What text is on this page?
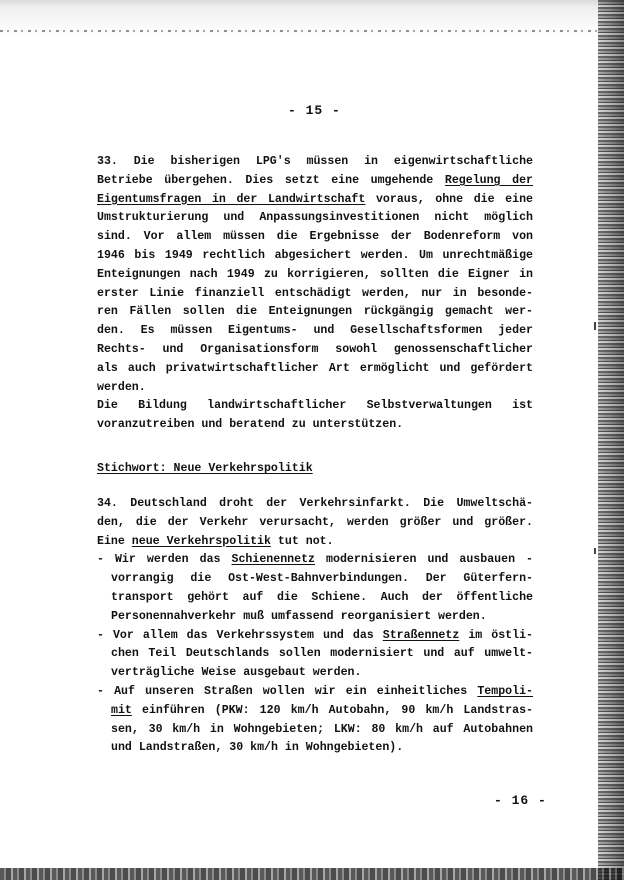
- 15 -
33. Die bisherigen LPG's müssen in eigenwirtschaftliche
Betriebe übergehen. Dies setzt eine umgehende Regelung der
Eigentumsfragen in der Landwirtschaft voraus, ohne die eine
Umstrukturierung und Anpassungsinvestitionen nicht möglich
sind. Vor allem müssen die Ergebnisse der Bodenreform von
1946 bis 1949 rechtlich abgesichert werden. Um unrechtmäßige
Enteignungen nach 1949 zu korrigieren, sollten die Eigner in
erster Linie finanziell entschädigt werden, nur in besonde-
ren Fällen sollen die Enteignungen rückgängig gemacht wer-
den. Es müssen Eigentums- und Gesellschaftsformen jeder
Rechts- und Organisationsform sowohl genossenschaftlicher
als auch privatwirtschaftlicher Art ermöglicht und gefördert
werden.
Die Bildung landwirtschaftlicher Selbstverwaltungen ist
voranzutreiben und beratend zu unterstützen.
Stichwort: Neue Verkehrspolitik
34. Deutschland droht der Verkehrsinfarkt. Die Umweltschä-
den, die der Verkehr verursacht, werden größer und größer.
Eine neue Verkehrspolitik tut not.
- Wir werden das Schienennetz modernisieren und ausbauen -
vorrangig die Ost-West-Bahnverbindungen. Der Güterfern-
transport gehört auf die Schiene. Auch der öffentliche
Personennahverkehr muß umfassend reorganisiert werden.
- Vor allem das Verkehrssystem und das Straßennetz im östli-
chen Teil Deutschlands sollen modernisiert und auf umwelt-
verträgliche Weise ausgebaut werden.
- Auf unseren Straßen wollen wir ein einheitliches Tempoli-
mit einführen (PKW: 120 km/h Autobahn, 90 km/h Landstras-
sen, 30 km/h in Wohngebieten; LKW: 80 km/h auf Autobahnen
und Landstraßen, 30 km/h in Wohngebieten).
- 16 -
